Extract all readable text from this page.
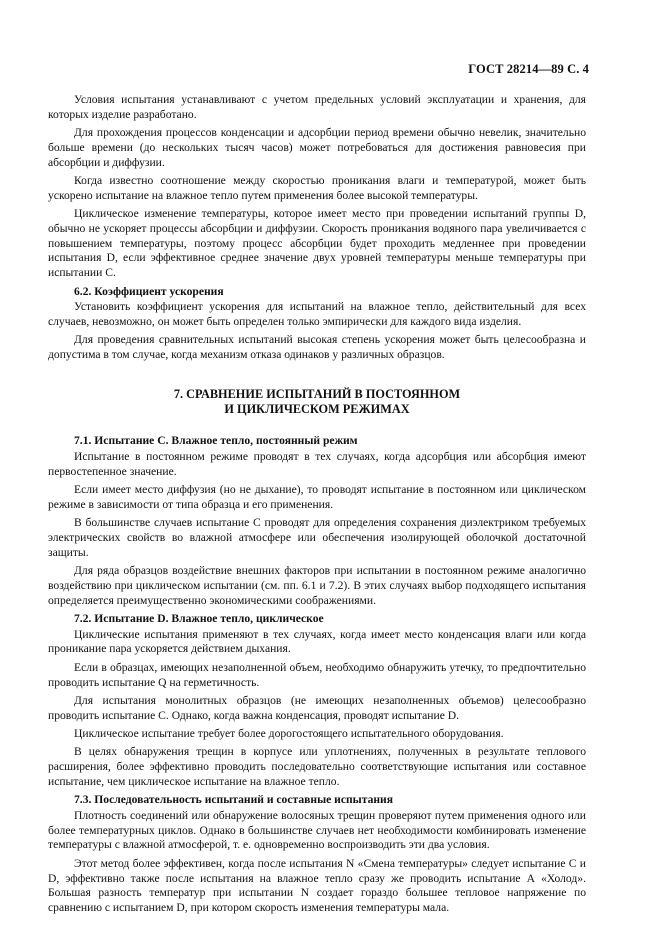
ГОСТ 28214—89 С. 4

Условия испытания устанавливают с учетом предельных условий эксплуатации и хранения, для которых изделие разработано.

Для прохождения процессов конденсации и адсорбции период времени обычно невелик, значительно больше времени (до нескольких тысяч часов) может потребоваться для достижения равновесия при абсорбции и диффузии.

Когда известно соотношение между скоростью проникания влаги и температурой, может быть ускорено испытание на влажное тепло путем применения более высокой температуры.

Циклическое изменение температуры, которое имеет место при проведении испытаний группы D, обычно не ускоряет процессы абсорбции и диффузии. Скорость проникания водяного пара увеличивается с повышением температуры, поэтому процесс абсорбции будет проходить медленнее при проведении испытания D, если эффективное среднее значение двух уровней температуры меньше температуры при испытании С.

6.2. Коэффициент ускорения

Установить коэффициент ускорения для испытаний на влажное тепло, действительный для всех случаев, невозможно, он может быть определен только эмпирически для каждого вида изделия.

Для проведения сравнительных испытаний высокая степень ускорения может быть целесообразна и допустима в том случае, когда механизм отказа одинаков у различных образцов.

7. СРАВНЕНИЕ ИСПЫТАНИЙ В ПОСТОЯННОМ
И ЦИКЛИЧЕСКОМ РЕЖИМАХ
7.1. Испытание С. Влажное тепло, постоянный режим

Испытание в постоянном режиме проводят в тех случаях, когда адсорбция или абсорбция имеют первостепенное значение.

Если имеет место диффузия (но не дыхание), то проводят испытание в постоянном или циклическом режиме в зависимости от типа образца и его применения.

В большинстве случаев испытание С проводят для определения сохранения диэлектриком требуемых электрических свойств во влажной атмосфере или обеспечения изолирующей оболочкой достаточной защиты.

Для ряда образцов воздействие внешних факторов при испытании в постоянном режиме аналогично воздействию при циклическом испытании (см. пп. 6.1 и 7.2). В этих случаях выбор подходящего испытания определяется преимущественно экономическими соображениями.

7.2. Испытание D. Влажное тепло, циклическое

Циклические испытания применяют в тех случаях, когда имеет место конденсация влаги или когда проникание пара ускоряется действием дыхания.

Если в образцах, имеющих незаполненной объем, необходимо обнаружить утечку, то предпочтительно проводить испытание Q на герметичность.

Для испытания монолитных образцов (не имеющих незаполненных объемов) целесообразно проводить испытание С. Однако, когда важна конденсация, проводят испытание D.

Циклическое испытание требует более дорогостоящего испытательного оборудования.

В целях обнаружения трещин в корпусе или уплотнениях, полученных в результате теплового расширения, более эффективно проводить последовательно соответствующие испытания или составное испытание, чем циклическое испытание на влажное тепло.

7.3. Последовательность испытаний и составные испытания

Плотность соединений или обнаружение волосяных трещин проверяют путем применения одного или более температурных циклов. Однако в большинстве случаев нет необходимости комбинировать изменение температуры с влажной атмосферой, т. е. одновременно воспроизводить эти два условия.

Этот метод более эффективен, когда после испытания N «Смена температуры» следует испытание С и D, эффективно также после испытания на влажное тепло сразу же проводить испытание А «Холод». Большая разность температур при испытании N создает гораздо большее тепловое напряжение по сравнению с испытанием D, при котором скорость изменения температуры мала.
